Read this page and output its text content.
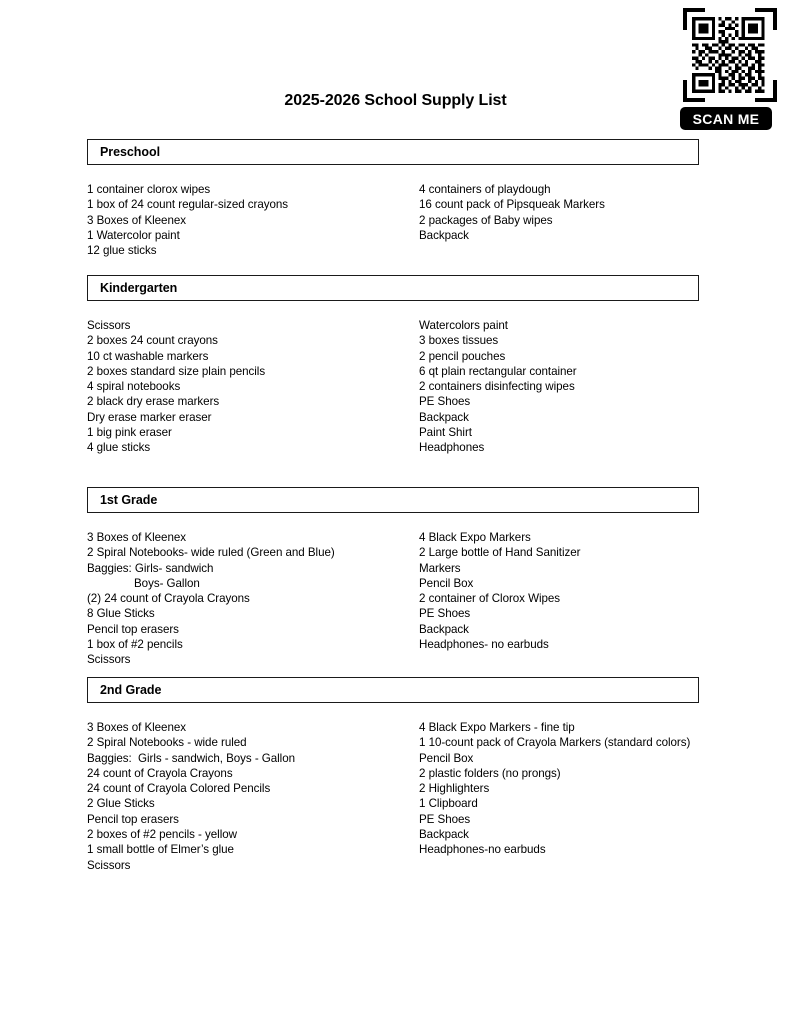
SCAN ME
2025-2026 School Supply List
Preschool
1 container clorox wipes
1 box of 24 count regular-sized crayons
3 Boxes of Kleenex
1 Watercolor paint
12 glue sticks
4 containers of playdough
16 count pack of Pipsqueak Markers
2 packages of Baby wipes
Backpack
Kindergarten
Scissors
2 boxes 24 count crayons
10 ct washable markers
2 boxes standard size plain pencils
4 spiral notebooks
2 black dry erase markers
Dry erase marker eraser
1 big pink eraser
4 glue sticks
Watercolors paint
3 boxes tissues
2 pencil pouches
6 qt plain rectangular container
2 containers disinfecting wipes
PE Shoes
Backpack
Paint Shirt
Headphones
1st Grade
3 Boxes of Kleenex
2 Spiral Notebooks- wide ruled (Green and Blue)
Baggies: Girls- sandwich
Boys- Gallon
(2) 24 count of Crayola Crayons
8 Glue Sticks
Pencil top erasers
1 box of #2 pencils
Scissors
4 Black Expo Markers
2 Large bottle of Hand Sanitizer
Markers
Pencil Box
2 container of Clorox Wipes
PE Shoes
Backpack
Headphones- no earbuds
2nd Grade
3 Boxes of Kleenex
2 Spiral Notebooks - wide ruled
Baggies:  Girls - sandwich, Boys - Gallon
24 count of Crayola Crayons
24 count of Crayola Colored Pencils
2 Glue Sticks
Pencil top erasers
2 boxes of #2 pencils - yellow
1 small bottle of Elmer’s glue
Scissors
4 Black Expo Markers - fine tip
1 10-count pack of Crayola Markers (standard colors)
Pencil Box
2 plastic folders (no prongs)
2 Highlighters
1 Clipboard
PE Shoes
Backpack
Headphones-no earbuds
